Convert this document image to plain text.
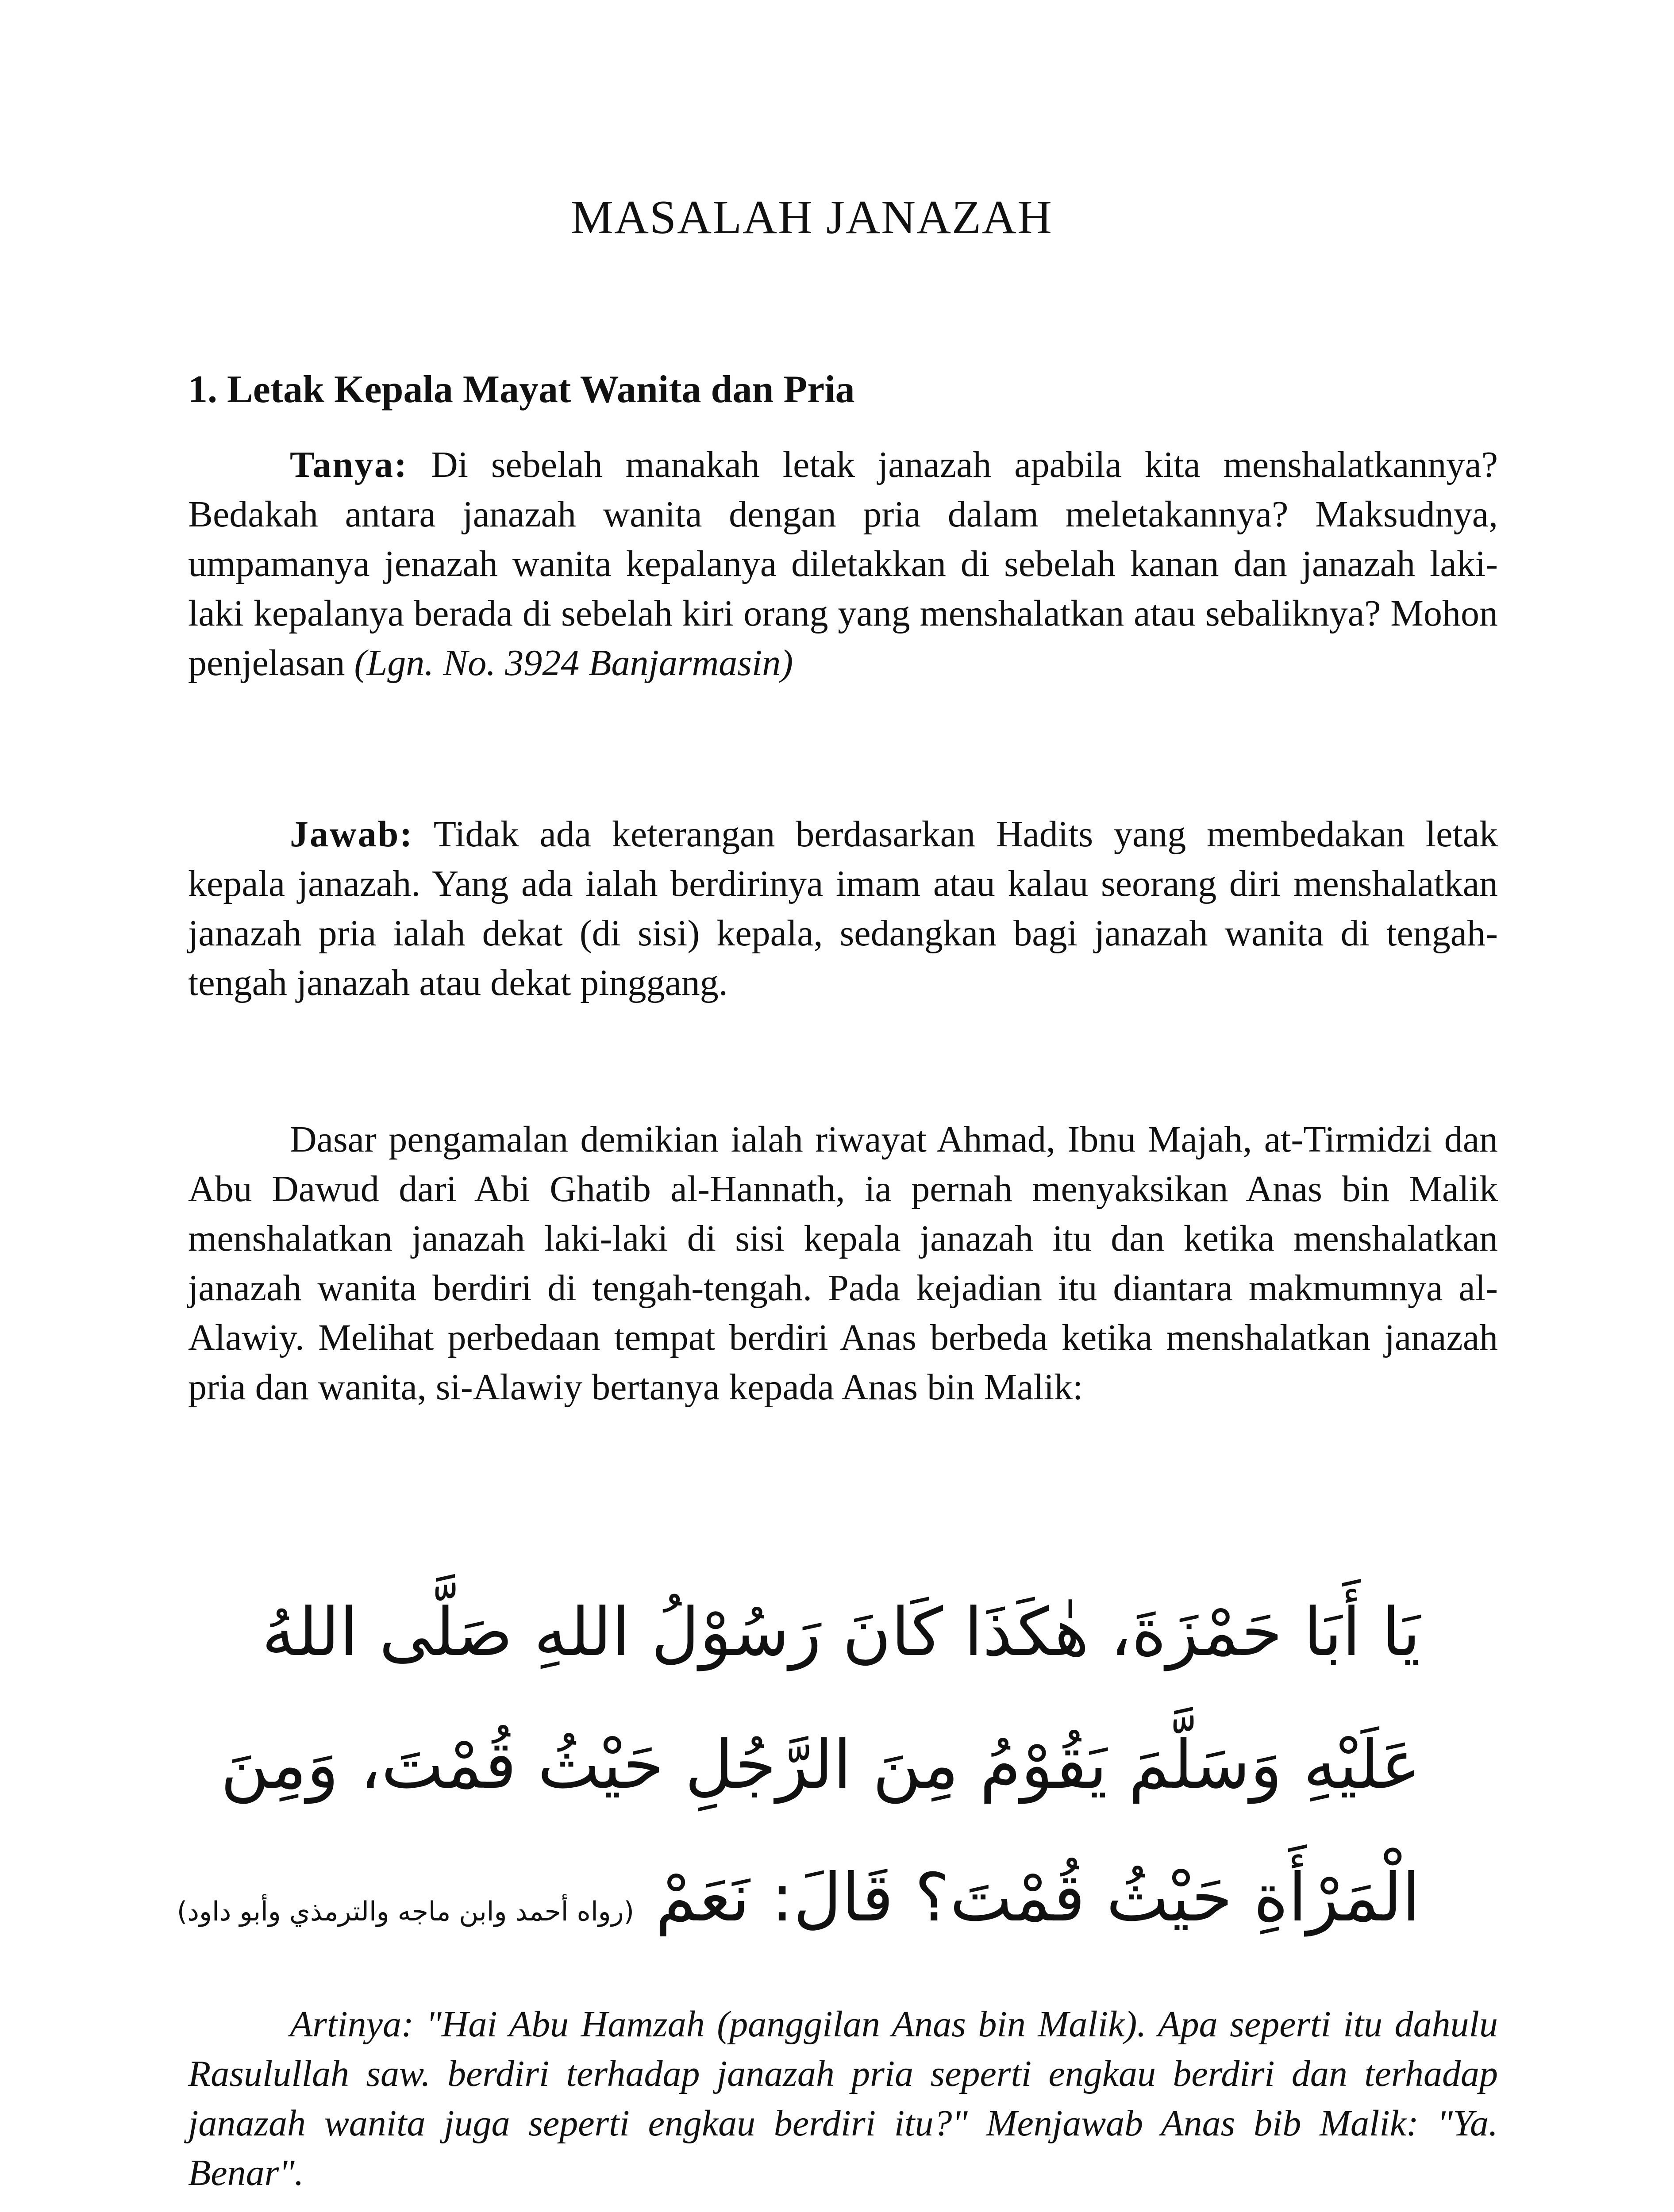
MASALAH JANAZAH
1. Letak Kepala Mayat Wanita dan Pria

Tanya: Di sebelah manakah letak janazah apabila kita menshalatkannya? Bedakah antara janazah wanita dengan pria dalam meletakannya? Maksudnya, umpamanya jenazah wanita kepalanya diletakkan di sebelah kanan dan janazah laki-laki kepalanya berada di sebelah kiri orang yang menshalatkan atau sebaliknya? Mohon penjelasan (Lgn. No. 3924 Banjarmasin)

Jawab: Tidak ada keterangan berdasarkan Hadits yang membedakan letak kepala janazah. Yang ada ialah berdirinya imam atau kalau seorang diri menshalatkan janazah pria ialah dekat (di sisi) kepala, sedangkan bagi janazah wanita di tengah-tengah janazah atau dekat pinggang.

Dasar pengamalan demikian ialah riwayat Ahmad, Ibnu Majah, at-Tirmidzi dan Abu Dawud dari Abi Ghatib al-Hannath, ia pernah menyaksikan Anas bin Malik menshalatkan janazah laki-laki di sisi kepala janazah itu dan ketika menshalatkan janazah wanita berdiri di tengah-tengah. Pada kejadian itu diantara makmumnya al-Alawiy. Melihat perbedaan tempat berdiri Anas berbeda ketika menshalatkan janazah pria dan wanita, si-Alawiy bertanya kepada Anas bin Malik:

يَا أَبَا حَمْزَةَ، هٰكَذَا كَانَ رَسُوْلُ اللهِ صَلَّى اللهُ
عَلَيْهِ وَسَلَّمَ يَقُوْمُ مِنَ الرَّجُلِ حَيْثُ قُمْتَ، وَمِنَ
الْمَرْأَةِ حَيْثُ قُمْتَ؟ قَالَ: نَعَمْ (رواه أحمد وابن ماجه والترمذي وأبو داود)

Artinya: "Hai Abu Hamzah (panggilan Anas bin Malik). Apa seperti itu dahulu Rasulullah saw. berdiri terhadap janazah pria seperti engkau berdiri dan terhadap janazah wanita juga seperti engkau berdiri itu?" Menjawab Anas bib Malik: "Ya. Benar".
